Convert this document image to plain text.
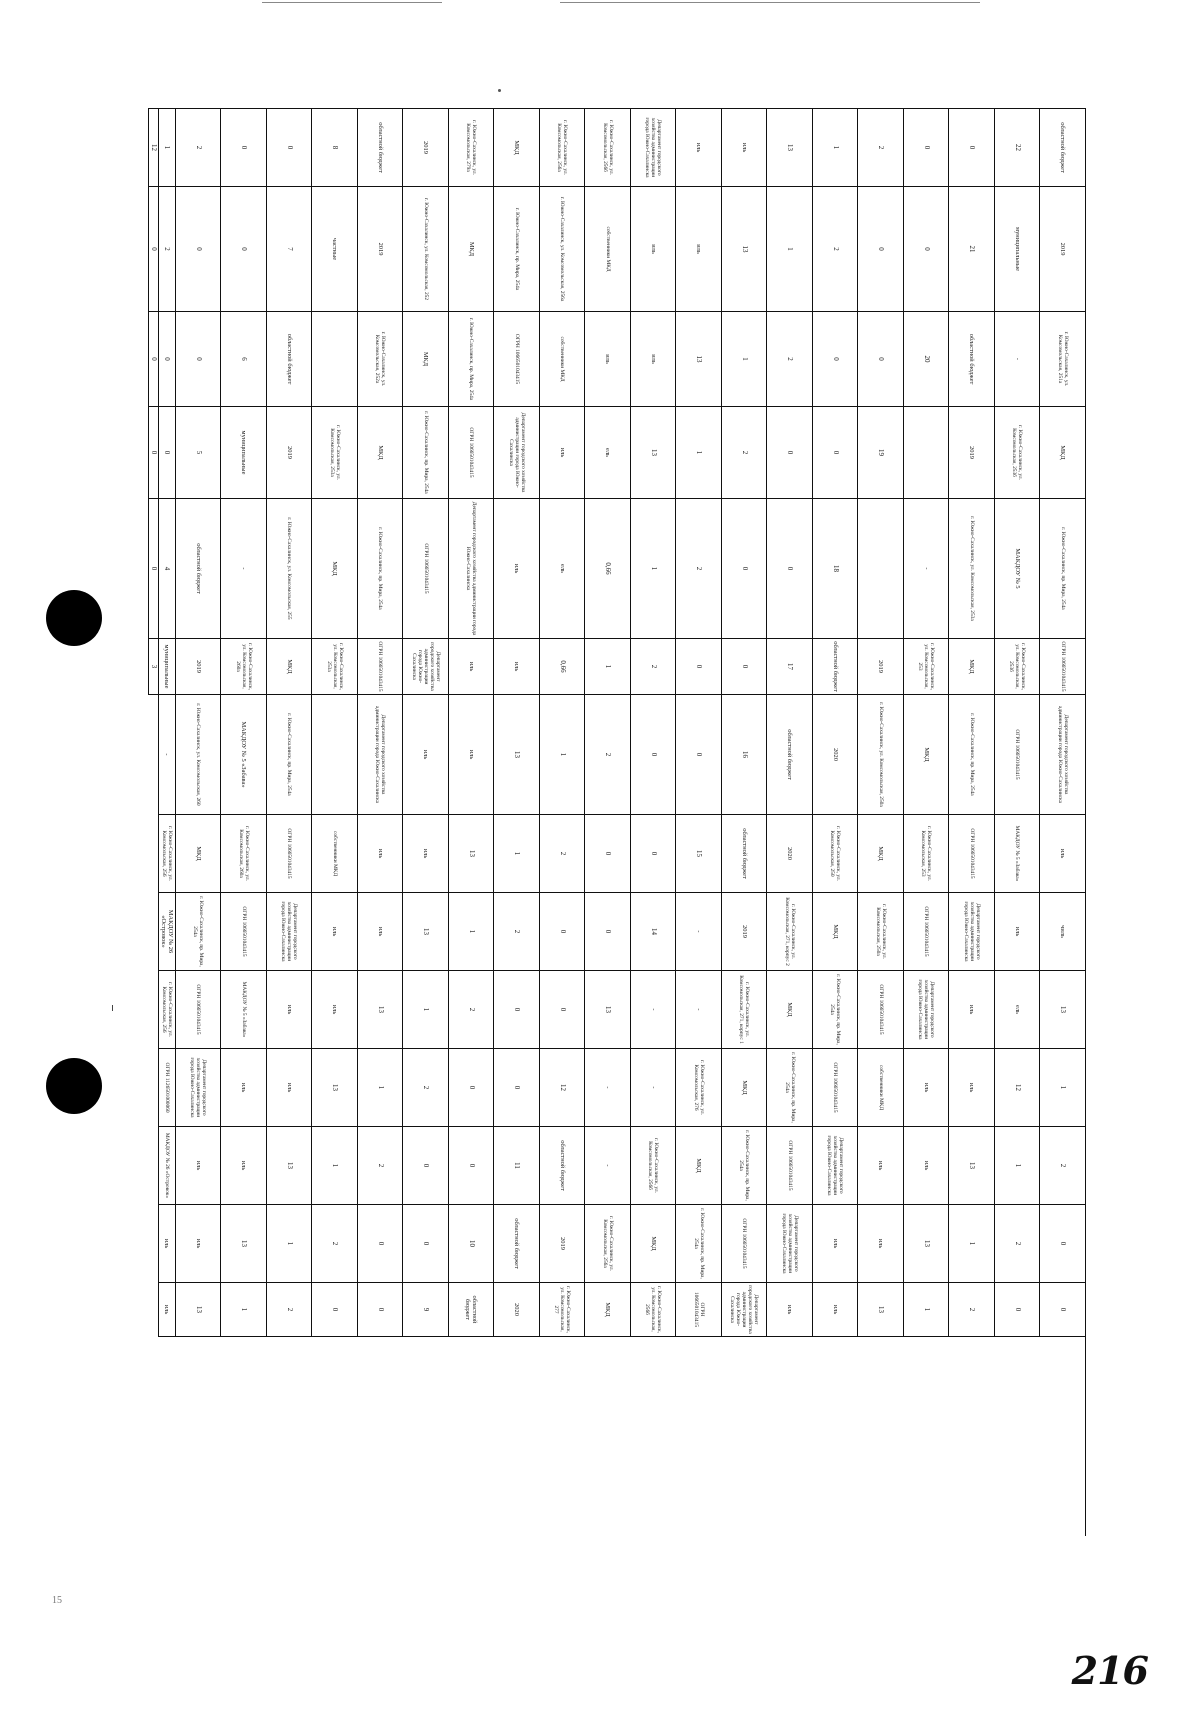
15
областной бюджет
2019
г. Южно-Сахалинск, ул. Комсомольская, 251а
МКД
г. Южно-Сахалинск, пр. Мира, 254а
ОГРН 1066501043415
Департамент городского хозяйства администрации города Южно-Сахалинска
иль
чиль
13
1
2
0
0
22
муниципальные
-
г. Южно-Сахалинск, ул. Комсомольская, 253б
МАКДОУ № 5
г. Южно-Сахалинск, ул. Комсомольская, 253б
ОГРН 1066501043415
МАКДОУ № 5 «Забава»
иль
ель
12
1
2
0
0
21
областной бюджет
2019
г. Южно-Сахалинск, ул. Комсомольская, 253а
МКД
г. Южно-Сахалинск, пр. Мира, 254а
ОГРН 1066501043415
Департамент городского хозяйства администрации города Южно-Сахалинска
иль
иль
13
1
2
0
0
20
-
г. Южно-Сахалинск, ул. Комсомольская, 253
МКД
г. Южно-Сахалинск, ул. Комсомольская, 253
ОГРН 1066501043415
Департамент городского хозяйства администрации города Южно-Сахалинска
иль
иль
13
1
2
0
0
19
2019
г. Южно-Сахалинск, ул. Комсомольская, 250а
МКД
г. Южно-Сахалинск, ул. Комсомольская, 250а
ОГРН 1066501043415
собственники МКД
иль
иль
13
1
2
0
0
18
областной бюджет
2020
г. Южно-Сахалинск, ул. Комсомольская, 250
МКД
г. Южно-Сахалинск, пр. Мира, 254а
ОГРН 1066501043415
Департамент городского хозяйства администрации города Южно-Сахалинска
иль
иль
13
1
2
0
0
17
областной бюджет
2020
г. Южно-Сахалинск, ул. Комсомольская, 271, корпус 2
МКД
г. Южно-Сахалинск, пр. Мира, 254а
ОГРН 1066501043415
Департамент городского хозяйства администрации города Южно-Сахалинска
иль
иль
13
1
2
0
0
16
областной бюджет
2019
г. Южно-Сахалинск, ул. Комсомольская, 271, корпус 1
МКД
г. Южно-Сахалинск, пр. Мира, 254а
ОГРН 1066501043415
Департамент городского хозяйства администрации города Южно-Сахалинска
иль
иль
13
1
2
0
0
15
-
-
г. Южно-Сахалинск, ул. Комсомольская, 276
МКД
г. Южно-Сахалинск, пр. Мира, 254а
ОГРН 1066501043415
Департамент городского хозяйства администрации города Южно-Сахалинска
иль
иль
13
1
2
0
0
14
-
-
г. Южно-Сахалинск, ул. Комсомольская, 256б
МКД
г. Южно-Сахалинск, ул. Комсомольская, 256б
г. Южно-Сахалинск, ул. Комсомольская, 256б
собственники МКД
иль
ель
0,66
1
2
0
0
13
-
-
г. Южно-Сахалинск, ул. Комсомольская, 256а
МКД
г. Южно-Сахалинск, ул. Комсомольская, 256а
г. Южно-Сахалинск, ул. Комсомольская, 256а
собственники МКД
иль
ель
0,66
1
2
0
0
12
областной бюджет
2019
г. Южно-Сахалинск, ул. Комсомольская, 277
МКД
г. Южно-Сахалинск, пр. Мира, 254а
ОГРН 1066501043415
Департамент городского хозяйства администрации города Южно-Сахалинска
иль
иль
13
1
2
0
0
11
областной бюджет
2020
г. Южно-Сахалинск, ул. Комсомольская, 279а
МКД
г. Южно-Сахалинск, пр. Мира, 254а
ОГРН 1066501043415
Департамент городского хозяйства администрации города Южно-Сахалинска
иль
иль
13
1
2
0
0
10
областной бюджет
2019
г. Южно-Сахалинск, ул. Комсомольская, 252
МКД
г. Южно-Сахалинск, пр. Мира, 254а
ОГРН 1066501043415
Департамент городского хозяйства администрации города Южно-Сахалинска
иль
иль
13
1
2
0
0
9
областной бюджет
2019
г. Южно-Сахалинск, ул. Комсомольская, 252а
МКД
г. Южно-Сахалинск, пр. Мира, 254а
ОГРН 1066501043415
Департамент городского хозяйства администрации города Южно-Сахалинска
иль
иль
13
1
2
0
0
8
частные
г. Южно-Сахалинск, ул. Комсомольская, 253а
МКД
г. Южно-Сахалинск, ул. Комсомольская, 253а
собственники МКД
иль
иль
13
1
2
0
0
7
областной бюджет
2019
г. Южно-Сахалинск, ул. Комсомольская, 255
МКД
г. Южно-Сахалинск, пр. Мира, 254а
ОГРН 1066501043415
Департамент городского хозяйства администрации города Южно-Сахалинска
иль
иль
13
1
2
0
0
6
муниципальные
-
г. Южно-Сахалинск, ул. Комсомольская, 260а
МАКДОУ № 5 «Забава»
г. Южно-Сахалинск, ул. Комсомольская, 260а
ОГРН 1066501043415
МАКДОУ № 5 «Забава»
иль
иль
13
1
2
0
0
5
областной бюджет
2019
г. Южно-Сахалинск, ул. Комсомольская, 260
МКД
г. Южно-Сахалинск, пр. Мира, 254а
ОГРН 1066501043415
Департамент городского хозяйства администрации города Южно-Сахалинска
иль
иль
13
1
2
0
0
4
муниципальные
-
г. Южно-Сахалинск, ул. Комсомольская, 256
МАКДОУ № 26 «Островок»
г. Южно-Сахалинск, ул. Комсомольская, 256
ОГРН 1126501000060
МАКДОУ № 26 «Островок»
иль
иль
12
0
0
0
0
3
216
